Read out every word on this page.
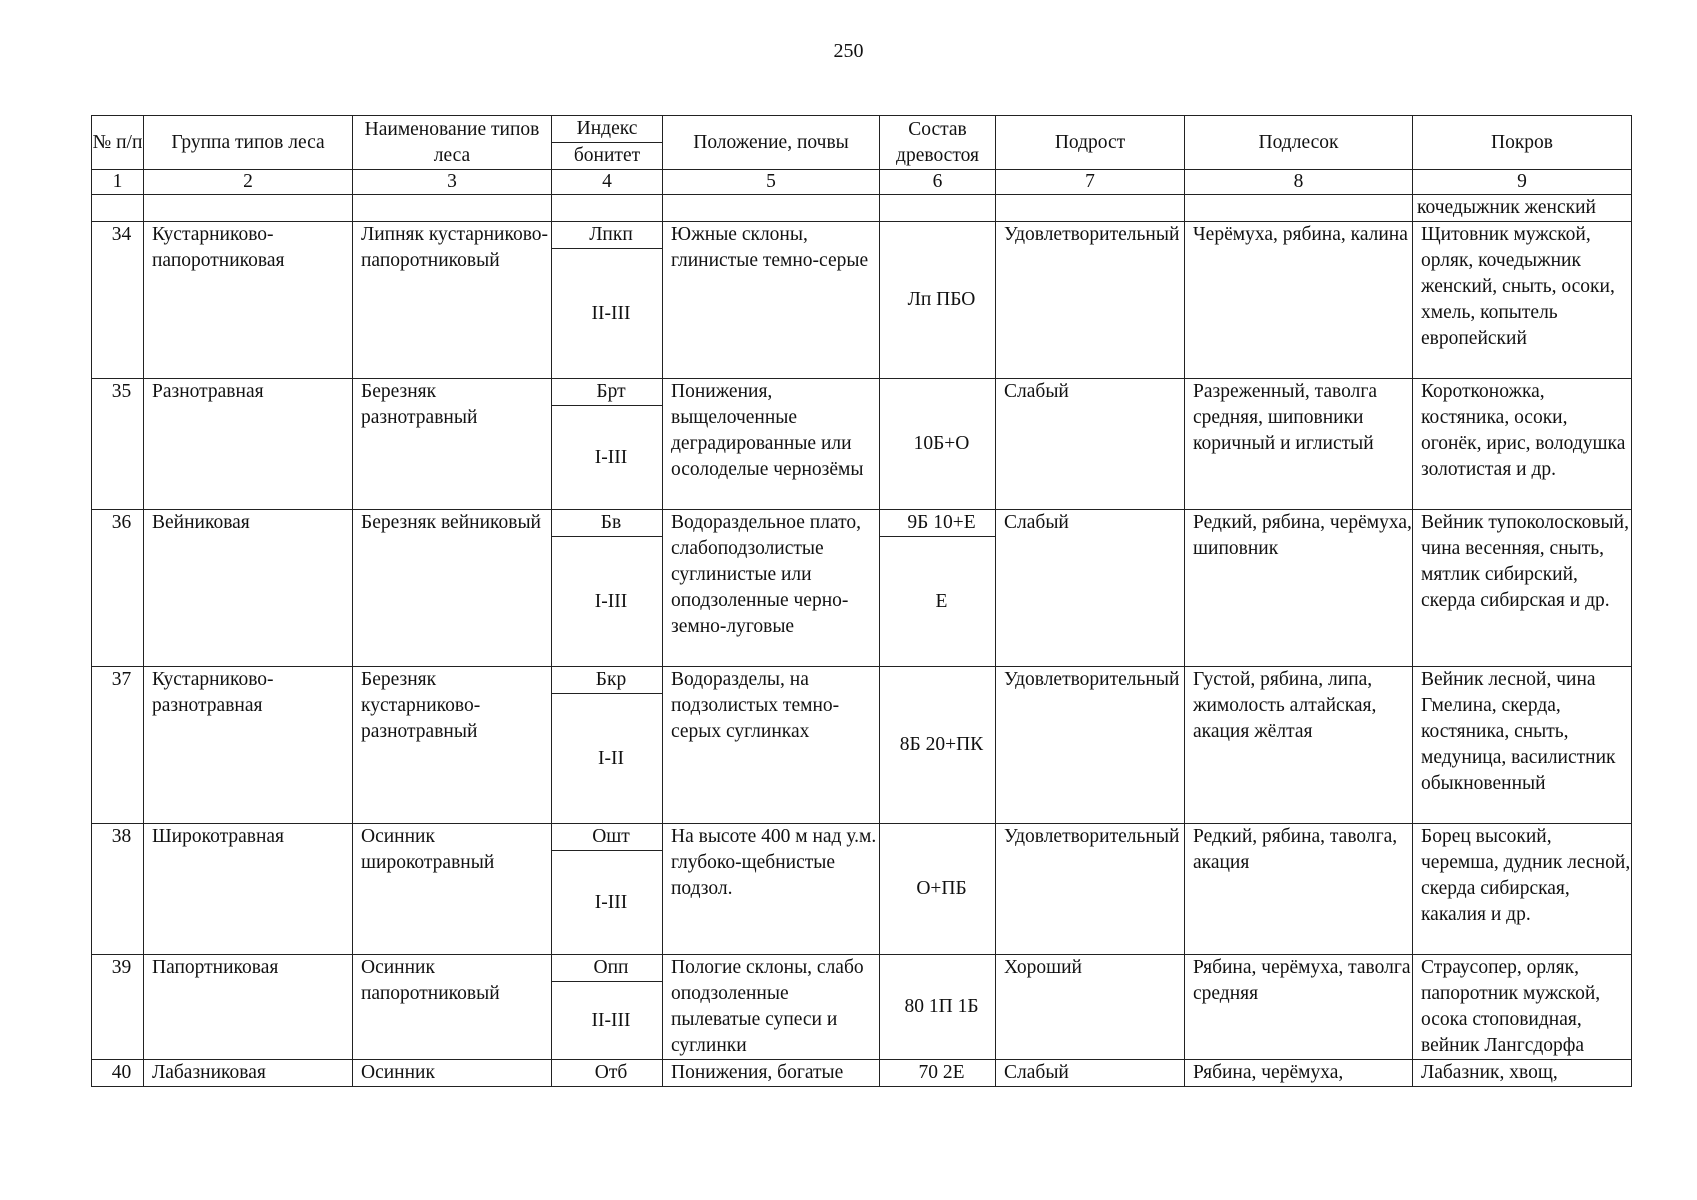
250
№ п/п	Группа типов леса	Наименование типов леса	Индекс	Положение, почвы	Состав древостоя	Подрост	Подлесок	Покров
			бонитет					
1	2	3	4	5	6	7	8	9
								кочедыжник женский
34	Кустарниково-папоротниковая	Липняк кустарниково-папоротниковый	Лпкп	Южные склоны, глинистые темно-серые	Лп ПБО	Удовлетворительный	Черёмуха, рябина, калина	Щитовник мужской, орляк, кочедыжник женский, сныть, осоки, хмель, копытель европейский
			II-III					
35	Разнотравная	Березняк разнотравный	Брт	Понижения, выщелоченные деградированные или осолоделые чернозёмы	10Б+О	Слабый	Разреженный, таволга средняя, шиповники коричный и иглистый	Коротконожка, костяника, осоки, огонёк, ирис, володушка золотистая и др.
			I-III					
36	Вейниковая	Березняк вейниковый	Бв	Водораздельное плато, слабоподзолистые суглинистые или оподзоленные черно-земно-луговые	9Б 10+Е	Слабый	Редкий, рябина, черёмуха, шиповник	Вейник тупоколосковый, чина весенняя, сныть, мятлик сибирский, скерда сибирская и др.
			I-III		Е			
37	Кустарниково-разнотравная	Березняк кустарниково-разнотравный	Бкр	Водоразделы, на подзолистых темно-серых суглинках	8Б 20+ПК	Удовлетворительный	Густой, рябина, липа, жимолость алтайская, акация жёлтая	Вейник лесной, чина Гмелина, скерда, костяника, сныть, медуница, василистник обыкновенный
			I-II					
38	Широкотравная	Осинник широкотравный	Ошт	На высоте 400 м над у.м. глубоко-щебнистые подзол.	О+ПБ	Удовлетворительный	Редкий, рябина, таволга, акация	Борец высокий, черемша, дудник лесной, скерда сибирская, какалия и др.
			I-III					
39	Папортниковая	Осинник папоротниковый	Опп	Пологие склоны, слабо оподзоленные пылеватые супеси и суглинки	80 1П 1Б	Хороший	Рябина, черёмуха, таволга средняя	Страусопер, орляк, папоротник мужской, осока стоповидная, вейник Лангсдорфа
			II-III					
40	Лабазниковая	Осинник	Отб	Понижения, богатые	70 2Е	Слабый	Рябина, черёмуха,	Лабазник, хвощ,
